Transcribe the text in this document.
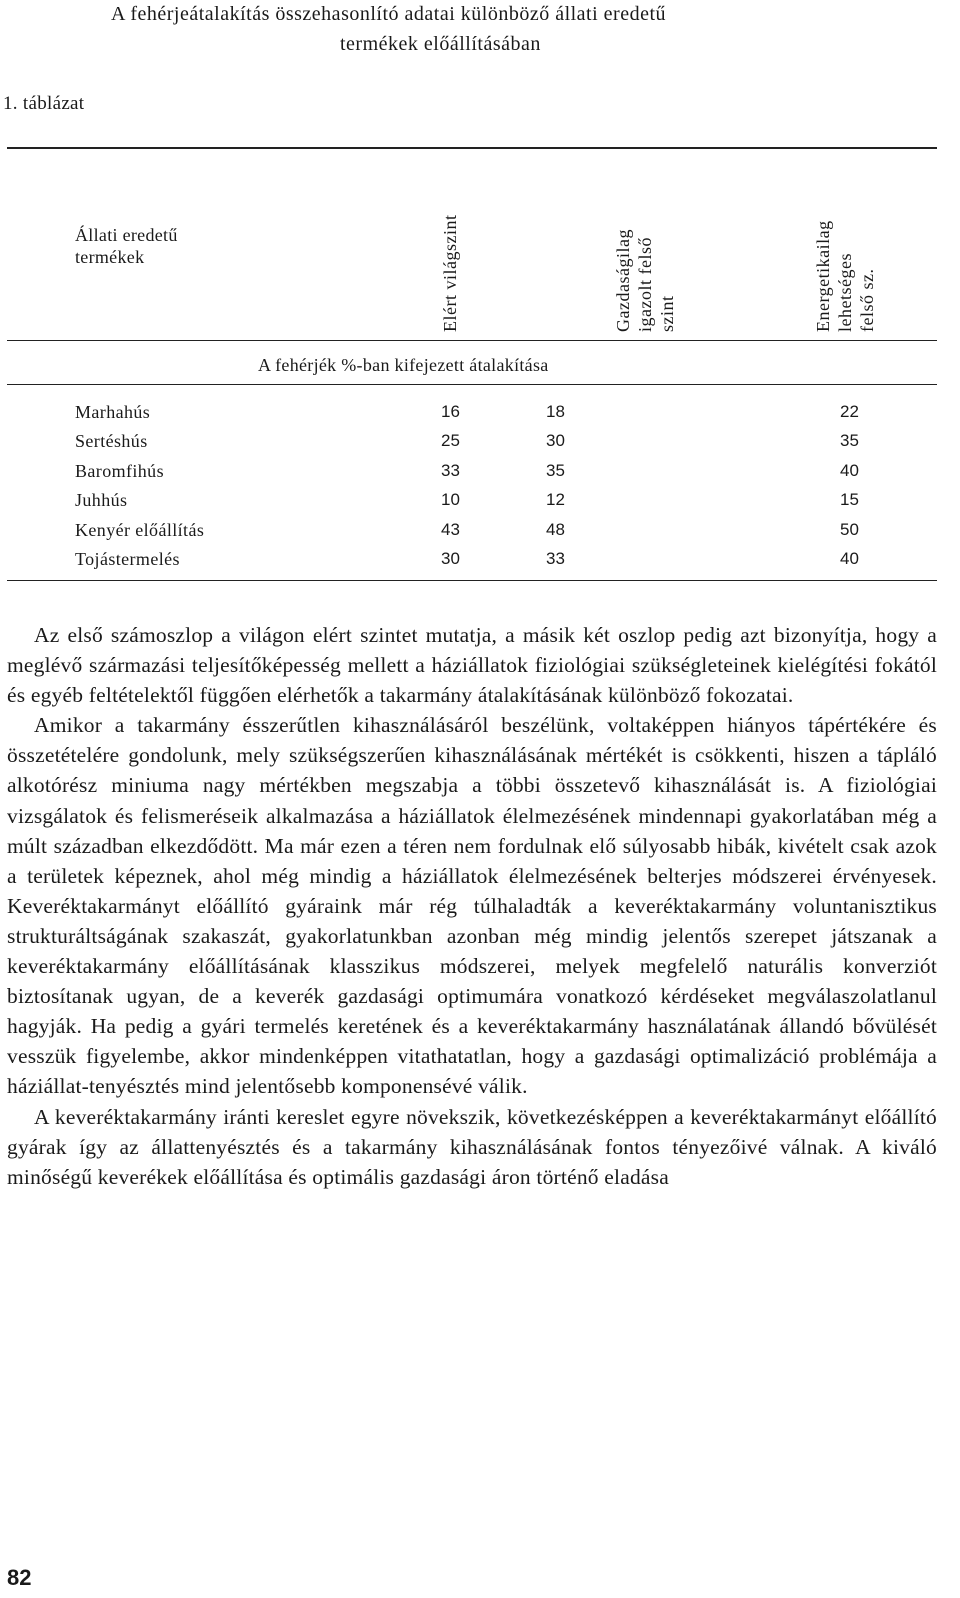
A fehérjeátalakítás összehasonlító adatai különböző állati eredetű
termékek előállításában
1. táblázat
Állati eredetű
termékek	Elért világszint	Gazdaságilag igazolt felső szint	Energetikailag lehetséges felső sz.
A fehérjék %-ban kifejezett átalakítása
Marhahús	16	18	22
Sertéshús	25	30	35
Baromfihús	33	35	40
Juhhús	10	12	15
Kenyér előállítás	43	48	50
Tojástermelés	30	33	40

Az első számoszlop a világon elért szintet mutatja, a másik két oszlop pedig azt bizonyítja, hogy a meglévő származási teljesítőképesség mellett a háziállatok fiziológiai szükségleteinek kielégítési fokától és egyéb feltételektől függően elérhetők a takarmány átalakításának különböző fokozatai.

Amikor a takarmány ésszerűtlen kihasználásáról beszélünk, voltaképpen hiányos tápértékére és összetételére gondolunk, mely szükségszerűen kihasználásának mértékét is csökkenti, hiszen a tápláló alkotórész miniuma nagy mértékben megszabja a többi összetevő kihasználását is. A fiziológiai vizsgálatok és felismeréseik alkalmazása a háziállatok élelmezésének mindennapi gyakorlatában még a múlt században elkezdődött. Ma már ezen a téren nem fordulnak elő súlyosabb hibák, kivételt csak azok a területek képeznek, ahol még mindig a háziállatok élelmezésének belterjes módszerei érvényesek. Keveréktakarmányt előállító gyáraink már rég túlhaladták a keveréktakarmány voluntanisztikus strukturáltságának szakaszát, gyakorlatunkban azonban még mindig jelentős szerepet játszanak a keveréktakarmány előállításának klasszikus módszerei, melyek megfelelő naturális konverziót biztosítanak ugyan, de a keverék gazdasági optimumára vonatkozó kérdéseket megválaszolatlanul hagyják. Ha pedig a gyári termelés keretének és a keveréktakarmány használatának állandó bővülését vesszük figyelembe, akkor mindenképpen vitathatatlan, hogy a gazdasági optimalizáció problémája a háziállat-tenyésztés mind jelentősebb komponensévé válik.

A keveréktakarmány iránti kereslet egyre növekszik, következésképpen a keveréktakarmányt előállító gyárak így az állattenyésztés és a takarmány kihasználásának fontos tényezőivé válnak. A kiváló minőségű keverékek előállítása és optimális gazdasági áron történő eladása

82
